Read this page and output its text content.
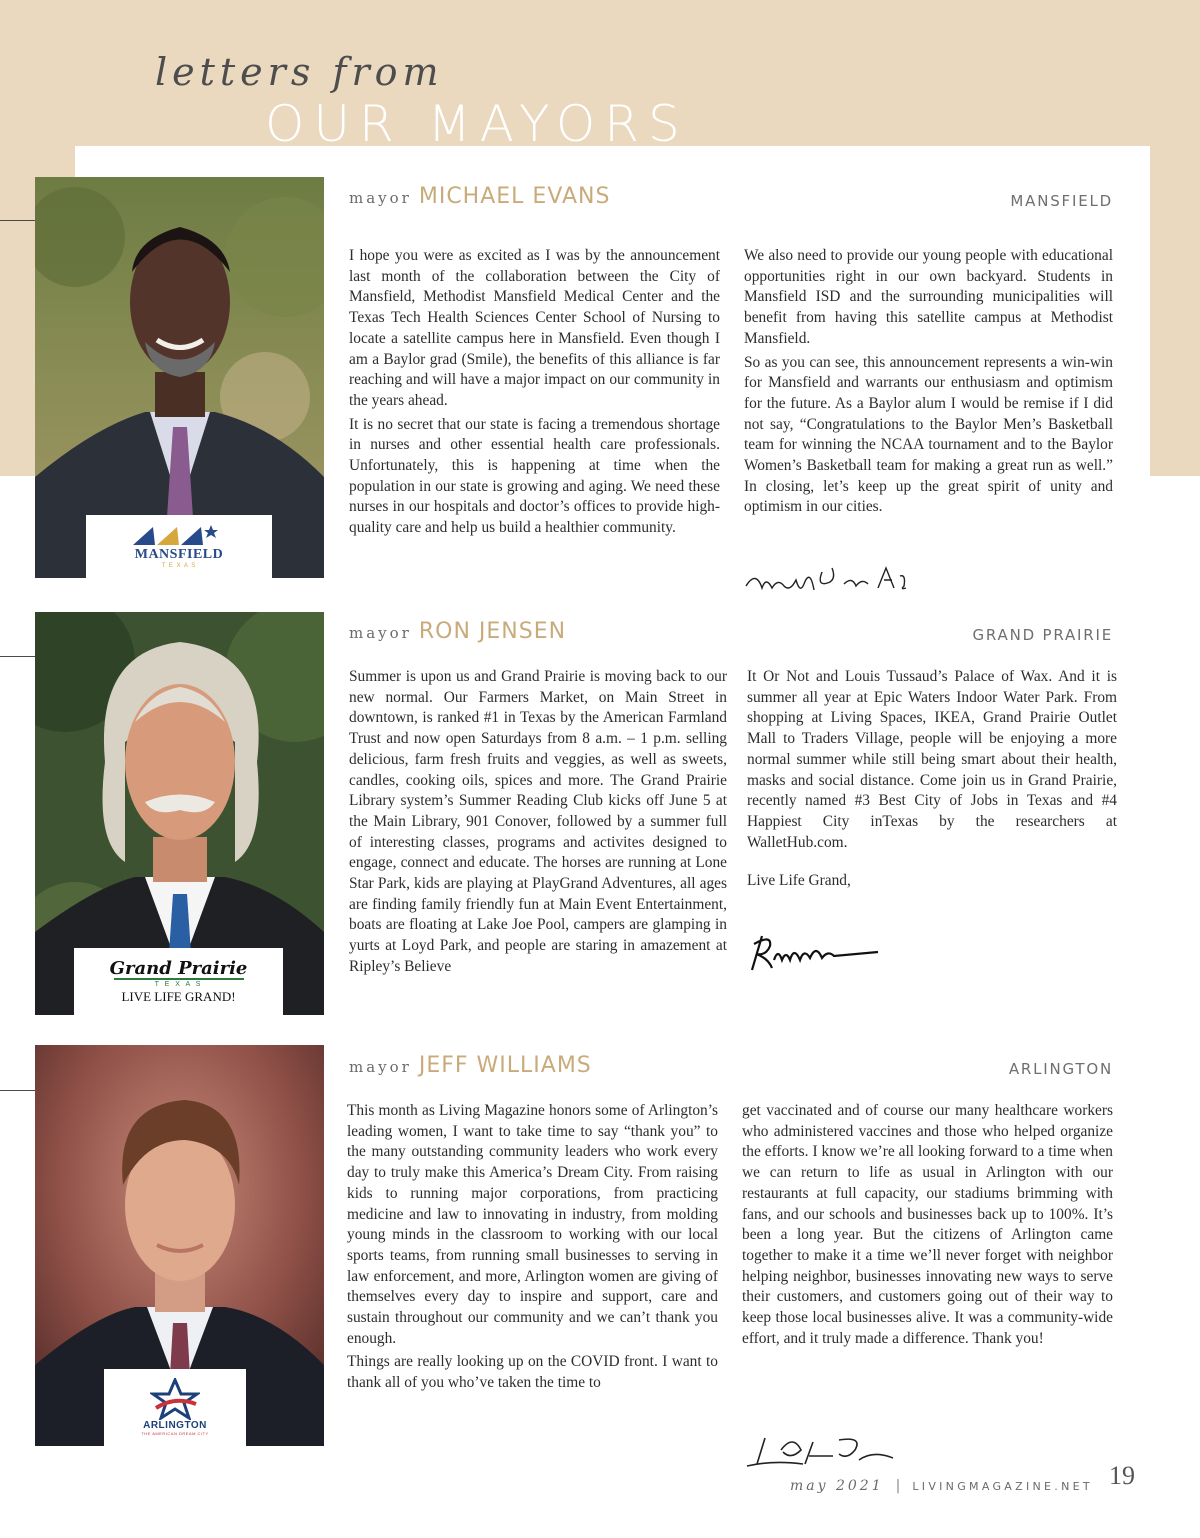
letters from
OUR MAYORS
MANSFIELD
T E X A S
mayor MICHAEL EVANS	MANSFIELD

I hope you were as excited as I was by the announcement last month of the collaboration between the City of Mansfield, Methodist Mansfield Medical Center and the Texas Tech Health Sciences Center School of Nursing to locate a satellite campus here in Mansfield. Even though I am a Baylor grad (Smile), the benefits of this alliance is far reaching and will have a major impact on our community in the years ahead.

It is no secret that our state is facing a tremendous shortage in nurses and other essential health care professionals. Unfortunately, this is happening at time when the population in our state is growing and aging. We need these nurses in our hospitals and doctor’s offices to provide high-quality care and help us build a healthier community.

We also need to provide our young people with educational opportunities right in our own backyard. Students in Mansfield ISD and the surrounding municipalities will benefit from having this satellite campus at Methodist Mansfield.

So as you can see, this announcement represents a win-win for Mansfield and warrants our enthusiasm and optimism for the future. As a Baylor alum I would be remise if I did not say, “Congratulations to the Baylor Men’s Basketball team for winning the NCAA tournament and to the Baylor Women’s Basketball team for making a great run as well.” In closing, let’s keep up the great spirit of unity and optimism in our cities.

Grand Prairie
T E X A S
LIVE LIFE GRAND!
mayor RON JENSEN	GRAND PRAIRIE

Summer is upon us and Grand Prairie is moving back to our new normal. Our Farmers Market, on Main Street in downtown, is ranked #1 in Texas by the American Farmland Trust and now open Saturdays from 8 a.m. – 1 p.m. selling delicious, farm fresh fruits and veggies, as well as sweets, candles, cooking oils, spices and more. The Grand Prairie Library system’s Summer Reading Club kicks off June 5 at the Main Library, 901 Conover, followed by a summer full of interesting classes, programs and activites designed to engage, connect and educate. The horses are running at Lone Star Park, kids are playing at PlayGrand Adventures, all ages are finding family friendly fun at Main Event Entertainment, boats are floating at Lake Joe Pool, campers are glamping in yurts at Loyd Park, and people are staring in amazement at Ripley’s Believe

It Or Not and Louis Tussaud’s Palace of Wax. And it is summer all year at Epic Waters Indoor Water Park. From shopping at Living Spaces, IKEA, Grand Prairie Outlet Mall to Traders Village, people will be enjoying a more normal summer while still being smart about their health, masks and social distance. Come join us in Grand Prairie, recently named #3 Best City of Jobs in Texas and #4 Happiest City inTexas by the researchers at WalletHub.com.

Live Life Grand,

ARLINGTON
THE AMERICAN DREAM CITY
mayor JEFF WILLIAMS	ARLINGTON

This month as Living Magazine honors some of Arlington’s leading women, I want to take time to say “thank you” to the many outstanding community leaders who work every day to truly make this America’s Dream City. From raising kids to running major corporations, from practicing medicine and law to innovating in industry, from molding young minds in the classroom to working with our local sports teams, from running small businesses to serving in law enforcement, and more, Arlington women are giving of themselves every day to inspire and support, care and sustain throughout our community and we can’t thank you enough.

Things are really looking up on the COVID front. I want to thank all of you who’ve taken the time to

get vaccinated and of course our many healthcare workers who administered vaccines and those who helped organize the efforts. I know we’re all looking forward to a time when we can return to life as usual in Arlington with our restaurants at full capacity, our stadiums brimming with fans, and our schools and businesses back up to 100%. It’s been a long year. But the citizens of Arlington came together to make it a time we’ll never forget with neighbor helping neighbor, businesses innovating new ways to serve their customers, and customers going out of their way to keep those local businesses alive. It was a community-wide effort, and it truly made a difference. Thank you!

may 2021 | LIVINGMAGAZINE.NET 19
